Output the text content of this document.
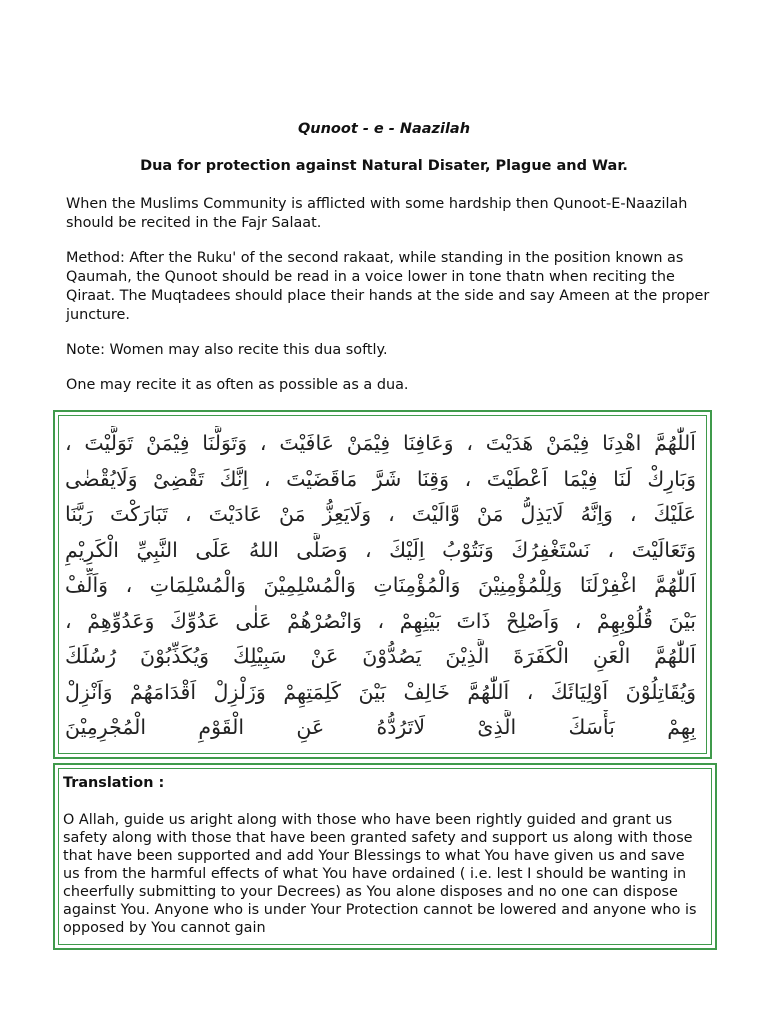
Qunoot - e - Naazilah
Dua for protection against Natural Disater, Plague and War.

When the Muslims Community is afflicted with some hardship then Qunoot-E-Naazilah should be recited in the Fajr Salaat.

Method: After the Ruku' of the second rakaat, while standing in the position known as Qaumah, the Qunoot should be read in a voice lower in tone thatn when reciting the Qiraat. The Muqtadees should place their hands at the side and say Ameen at the proper juncture.

Note: Women may also recite this dua softly.

One may recite it as often as possible as a dua.

اَللّٰهُمَّ اهْدِنَا فِيْمَنْ هَدَيْتَ ، وَعَافِنَا فِيْمَنْ عَافَيْتَ ، وَتَوَلَّنَا فِيْمَنْ تَوَلَّيْتَ ،
وَبَارِكْ لَنَا فِيْمَا اَعْطَيْتَ ، وَقِنَا شَرَّ مَاقَضَيْتَ ، اِنَّكَ تَقْضِىْ وَلَايُقْضٰى
عَلَيْكَ ، وَاِنَّهُ لَايَذِلُّ مَنْ وَّالَيْتَ ، وَلَايَعِزُّ مَنْ عَادَيْتَ ، تَبَارَكْتَ رَبَّنَا
وَتَعَالَيْتَ ، نَسْتَغْفِرُكَ وَنَتُوْبُ اِلَيْكَ ، وَصَلَّى اللهُ عَلَى النَّبِيِّ الْكَرِيْمِ
اَللّٰهُمَّ اغْفِرْلَنَا وَلِلْمُؤْمِنِيْنَ وَالْمُؤْمِنَاتِ وَالْمُسْلِمِيْنَ وَالْمُسْلِمَاتِ ، وَاَلِّفْ
بَيْنَ قُلُوْبِهِمْ ، وَاَصْلِحْ ذَاتَ بَيْنِهِمْ ، وَانْصُرْهُمْ عَلٰى عَدُوِّكَ وَعَدُوِّهِمْ ،
اَللّٰهُمَّ الْعَنِ الْكَفَرَةَ الَّذِيْنَ يَصُدُّوْنَ عَنْ سَبِيْلِكَ وَيُكَذِّبُوْنَ رُسُلَكَ
وَيُقَاتِلُوْنَ اَوْلِيَائَكَ ، اَللّٰهُمَّ خَالِفْ بَيْنَ كَلِمَتِهِمْ وَزَلْزِلْ اَقْدَامَهُمْ وَاَنْزِلْ
بِهِمْ بَأْسَكَ الَّذِىْ لَاتَرُدُّهُ عَنِ الْقَوْمِ الْمُجْرِمِيْنَ
Translation :

O Allah, guide us aright along with those who have been rightly guided and grant us safety along with those that have been granted safety and support us along with those that have been supported and add Your Blessings to what You have given us and save us from the harmful effects of what You have ordained ( i.e. lest I should be wanting in cheerfully submitting to your Decrees) as You alone disposes and no one can dispose against You. Anyone who is under Your Protection cannot be lowered and anyone who is opposed by You cannot gain
